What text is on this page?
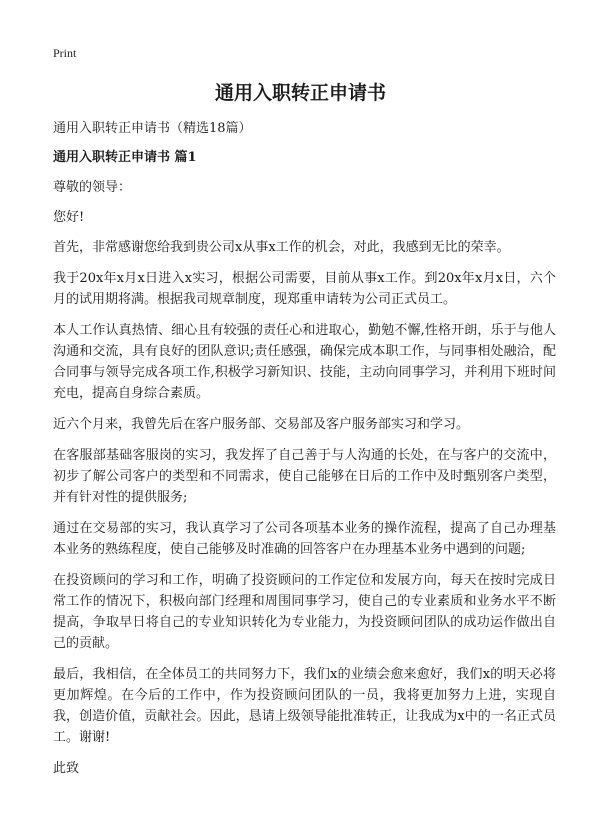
Print
通用入职转正申请书
通用入职转正申请书（精选18篇）
通用入职转正申请书 篇1

尊敬的领导：

您好!

首先，非常感谢您给我到贵公司x从事x工作的机会，对此，我感到无比的荣幸。

我于20x年x月x日进入x实习，根据公司需要，目前从事x工作。到20x年x月x日，六个月的试用期将满。根据我司规章制度，现郑重申请转为公司正式员工。

本人工作认真热情、细心且有较强的责任心和进取心，勤勉不懈,性格开朗，乐于与他人沟通和交流，具有良好的团队意识;责任感强，确保完成本职工作，与同事相处融洽，配合同事与领导完成各项工作,积极学习新知识、技能，主动向同事学习，并利用下班时间充电，提高自身综合素质。

近六个月来，我曾先后在客户服务部、交易部及客户服务部实习和学习。

在客服部基础客服岗的实习，我发挥了自己善于与人沟通的长处，在与客户的交流中，初步了解公司客户的类型和不同需求，使自己能够在日后的工作中及时甄别客户类型，并有针对性的提供服务;

通过在交易部的实习，我认真学习了公司各项基本业务的操作流程，提高了自己办理基本业务的熟练程度，使自己能够及时准确的回答客户在办理基本业务中遇到的问题;

在投资顾问的学习和工作，明确了投资顾问的工作定位和发展方向，每天在按时完成日常工作的情况下，积极向部门经理和周围同事学习，使自己的专业素质和业务水平不断提高，争取早日将自己的专业知识转化为专业能力，为投资顾问团队的成功运作做出自己的贡献。

最后，我相信，在全体员工的共同努力下，我们x的业绩会愈来愈好，我们x的明天必将更加辉煌。在今后的工作中，作为投资顾问团队的一员，我将更加努力上进，实现自我，创造价值，贡献社会。因此，恳请上级领导能批准转正，让我成为x中的一名正式员工。谢谢!

此致
